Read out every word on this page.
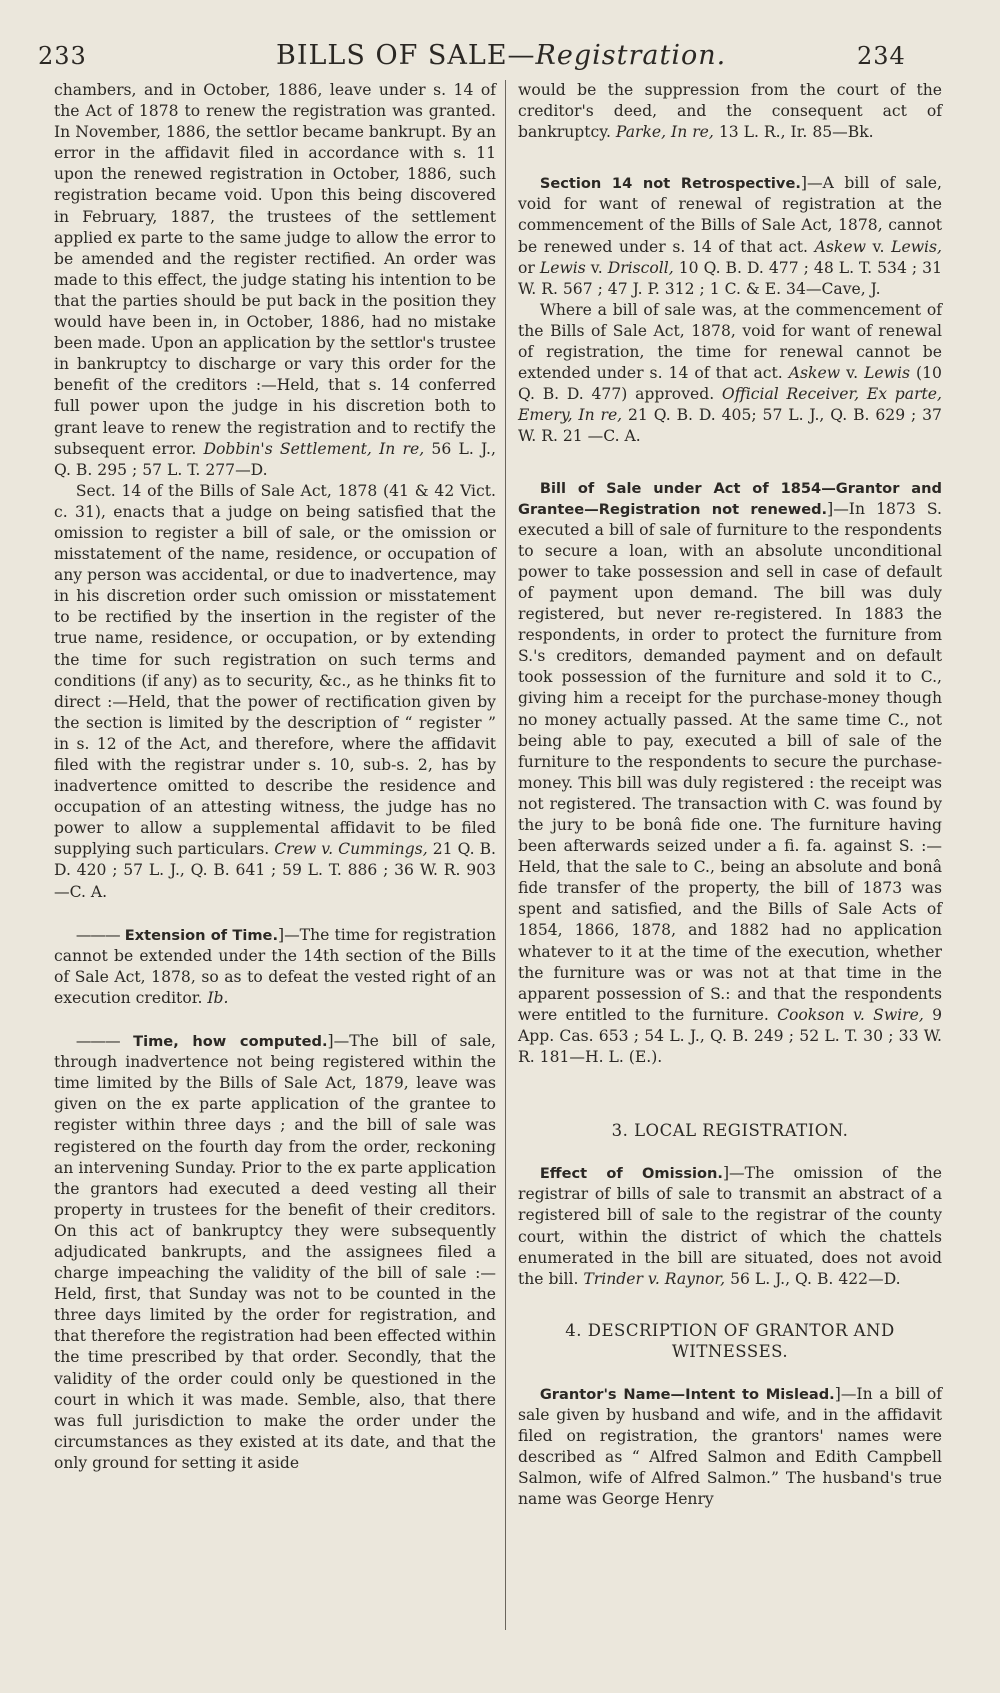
233	BILLS OF SALE—Registration.	234

chambers, and in October, 1886, leave under s. 14 of the Act of 1878 to renew the registration was granted. In November, 1886, the settlor became bankrupt. By an error in the affidavit filed in accordance with s. 11 upon the renewed registration in October, 1886, such registration became void. Upon this being discovered in February, 1887, the trustees of the settlement applied ex parte to the same judge to allow the error to be amended and the register rectified. An order was made to this effect, the judge stating his intention to be that the parties should be put back in the position they would have been in, in October, 1886, had no mistake been made. Upon an application by the settlor's trustee in bankruptcy to discharge or vary this order for the benefit of the creditors :—Held, that s. 14 conferred full power upon the judge in his discretion both to grant leave to renew the registration and to rectify the subsequent error. Dobbin's Settlement, In re, 56 L. J., Q. B. 295 ; 57 L. T. 277—D.

Sect. 14 of the Bills of Sale Act, 1878 (41 & 42 Vict. c. 31), enacts that a judge on being satisfied that the omission to register a bill of sale, or the omission or misstatement of the name, residence, or occupation of any person was accidental, or due to inadvertence, may in his discretion order such omission or misstatement to be rectified by the insertion in the register of the true name, residence, or occupation, or by extending the time for such registration on such terms and conditions (if any) as to security, &c., as he thinks fit to direct :—Held, that the power of rectification given by the section is limited by the description of “ register ” in s. 12 of the Act, and therefore, where the affidavit filed with the registrar under s. 10, sub-s. 2, has by inadvertence omitted to describe the residence and occupation of an attesting witness, the judge has no power to allow a supplemental affidavit to be filed supplying such particulars. Crew v. Cummings, 21 Q. B. D. 420 ; 57 L. J., Q. B. 641 ; 59 L. T. 886 ; 36 W. R. 903—C. A.

——— Extension of Time.]—The time for registration cannot be extended under the 14th section of the Bills of Sale Act, 1878, so as to defeat the vested right of an execution creditor. Ib.

——— Time, how computed.]—The bill of sale, through inadvertence not being registered within the time limited by the Bills of Sale Act, 1879, leave was given on the ex parte application of the grantee to register within three days ; and the bill of sale was registered on the fourth day from the order, reckoning an intervening Sunday. Prior to the ex parte application the grantors had executed a deed vesting all their property in trustees for the benefit of their creditors. On this act of bankruptcy they were subsequently adjudicated bankrupts, and the assignees filed a charge impeaching the validity of the bill of sale :—Held, first, that Sunday was not to be counted in the three days limited by the order for registration, and that therefore the registration had been effected within the time prescribed by that order. Secondly, that the validity of the order could only be questioned in the court in which it was made. Semble, also, that there was full jurisdiction to make the order under the circumstances as they existed at its date, and that the only ground for setting it aside

would be the suppression from the court of the creditor's deed, and the consequent act of bankruptcy. Parke, In re, 13 L. R., Ir. 85—Bk.

Section 14 not Retrospective.]—A bill of sale, void for want of renewal of registration at the commencement of the Bills of Sale Act, 1878, cannot be renewed under s. 14 of that act. Askew v. Lewis, or Lewis v. Driscoll, 10 Q. B. D. 477 ; 48 L. T. 534 ; 31 W. R. 567 ; 47 J. P. 312 ; 1 C. & E. 34—Cave, J.

Where a bill of sale was, at the commencement of the Bills of Sale Act, 1878, void for want of renewal of registration, the time for renewal cannot be extended under s. 14 of that act. Askew v. Lewis (10 Q. B. D. 477) approved. Official Receiver, Ex parte, Emery, In re, 21 Q. B. D. 405; 57 L. J., Q. B. 629 ; 37 W. R. 21 —C. A.

Bill of Sale under Act of 1854—Grantor and Grantee—Registration not renewed.]—In 1873 S. executed a bill of sale of furniture to the respondents to secure a loan, with an absolute unconditional power to take possession and sell in case of default of payment upon demand. The bill was duly registered, but never re-registered. In 1883 the respondents, in order to protect the furniture from S.'s creditors, demanded payment and on default took possession of the furniture and sold it to C., giving him a receipt for the purchase-money though no money actually passed. At the same time C., not being able to pay, executed a bill of sale of the furniture to the respondents to secure the purchase-money. This bill was duly registered : the receipt was not registered. The transaction with C. was found by the jury to be bonâ fide one. The furniture having been afterwards seized under a fi. fa. against S. :—Held, that the sale to C., being an absolute and bonâ fide transfer of the property, the bill of 1873 was spent and satisfied, and the Bills of Sale Acts of 1854, 1866, 1878, and 1882 had no application whatever to it at the time of the execution, whether the furniture was or was not at that time in the apparent possession of S.: and that the respondents were entitled to the furniture. Cookson v. Swire, 9 App. Cas. 653 ; 54 L. J., Q. B. 249 ; 52 L. T. 30 ; 33 W. R. 181—H. L. (E.).

3. LOCAL REGISTRATION.

Effect of Omission.]—The omission of the registrar of bills of sale to transmit an abstract of a registered bill of sale to the registrar of the county court, within the district of which the chattels enumerated in the bill are situated, does not avoid the bill. Trinder v. Raynor, 56 L. J., Q. B. 422—D.

4. DESCRIPTION OF GRANTOR AND
WITNESSES.

Grantor's Name—Intent to Mislead.]—In a bill of sale given by husband and wife, and in the affidavit filed on registration, the grantors' names were described as “ Alfred Salmon and Edith Campbell Salmon, wife of Alfred Salmon.” The husband's true name was George Henry
